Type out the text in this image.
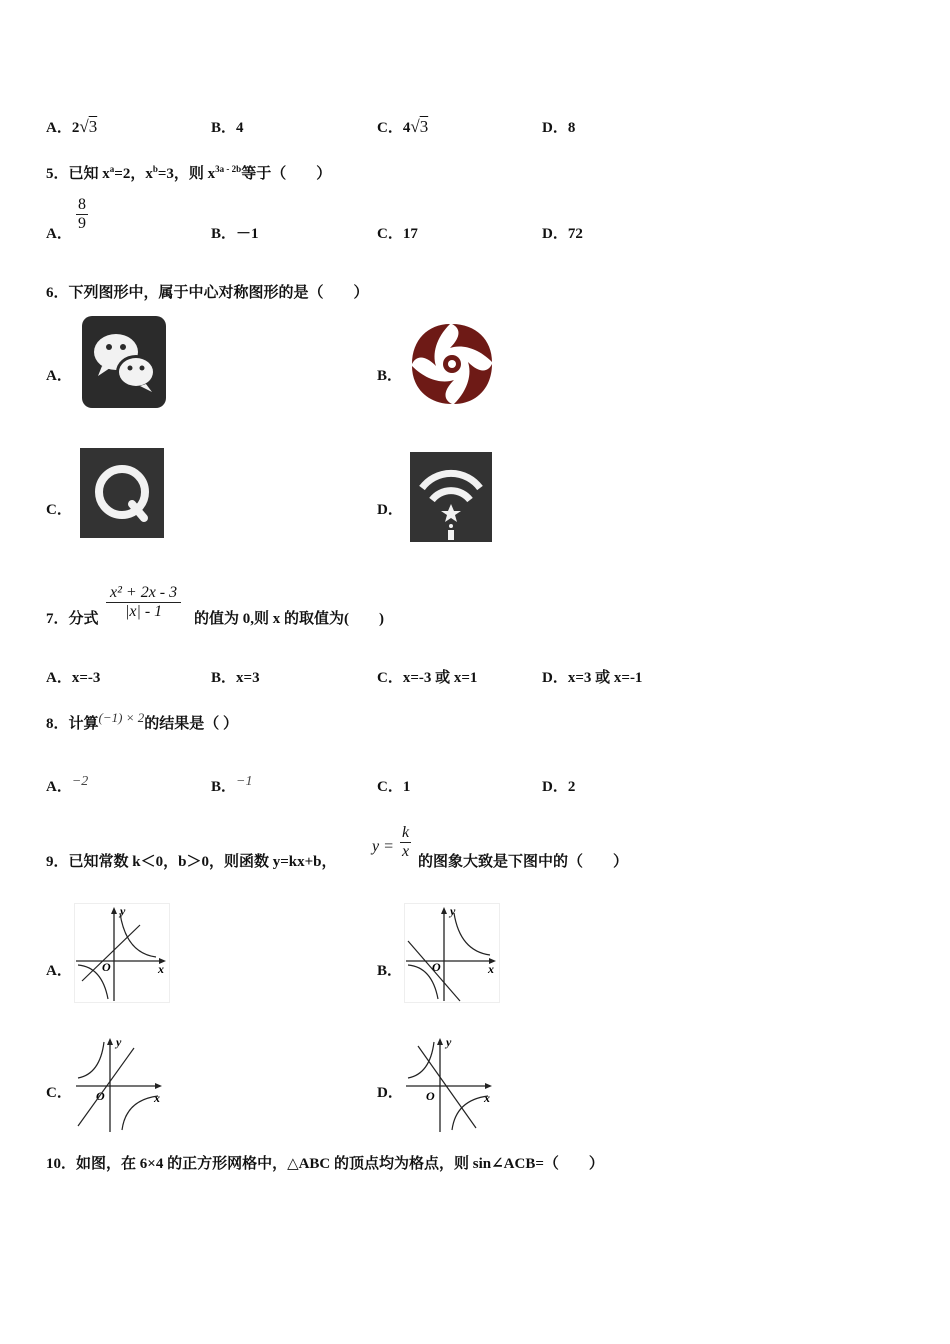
A．2√3	B．4	C．4√3	D．8
5．已知 $x^a=2$，$x^b=3$，则 $x^{3a - 2b}$等于（　　）
A．
$\frac{8}{9}$
B．－1	C．17	D．72
6．下列图形中，属于中心对称图形的是（　　）
A．	B．
C．	D．
7．分式 $\frac{\text{x² + 2x - 3}}{|x| - 1}$ 的值为 0,则 x 的取值为(　　)
A．x=-3	B．x=3	C．x=-3 或 x=1	D．x=3 或 x=-1
8．计算(−1) × 2的结果是（ ）
A．−2	B．−1	C．1	D．2
9．已知常数 k＜0，b＞0，则函数 y=kx+b，
$y = \frac{k}{x}$
的图象大致是下图中的（　　）
A．
y
x
O	B．
y
x
O
C．
y
x
O	D．
y
x
O
10．如图，在 6×4 的正方形网格中，△ABC 的顶点均为格点，则 sin∠ACB=（　　）
